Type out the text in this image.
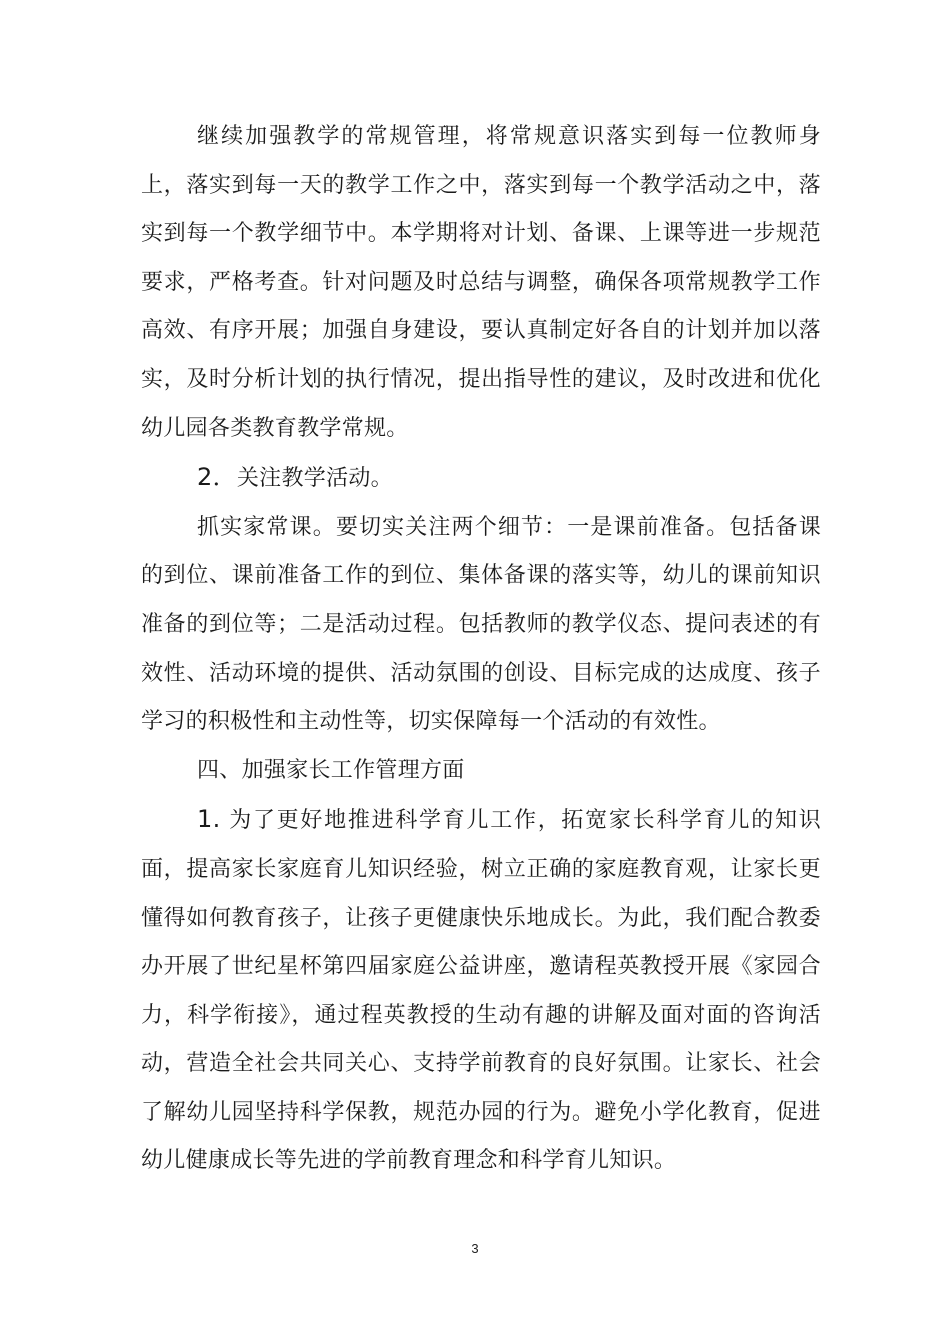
继续加强教学的常规管理，将常规意识落实到每一位教师身上，落实到每一天的教学工作之中，落实到每一个教学活动之中，落实到每一个教学细节中。本学期将对计划、备课、上课等进一步规范要求，严格考查。针对问题及时总结与调整，确保各项常规教学工作高效、有序开展；加强自身建设，要认真制定好各自的计划并加以落实，及时分析计划的执行情况，提出指导性的建议，及时改进和优化幼儿园各类教育教学常规。

2．关注教学活动。

抓实家常课。要切实关注两个细节：一是课前准备。包括备课的到位、课前准备工作的到位、集体备课的落实等，幼儿的课前知识准备的到位等；二是活动过程。包括教师的教学仪态、提问表述的有效性、活动环境的提供、活动氛围的创设、目标完成的达成度、孩子学习的积极性和主动性等，切实保障每一个活动的有效性。

四、加强家长工作管理方面

1. 为了更好地推进科学育儿工作，拓宽家长科学育儿的知识面，提高家长家庭育儿知识经验，树立正确的家庭教育观，让家长更懂得如何教育孩子，让孩子更健康快乐地成长。为此，我们配合教委办开展了世纪星杯第四届家庭公益讲座，邀请程英教授开展《家园合力，科学衔接》，通过程英教授的生动有趣的讲解及面对面的咨询活动，营造全社会共同关心、支持学前教育的良好氛围。让家长、社会了解幼儿园坚持科学保教，规范办园的行为。避免小学化教育，促进幼儿健康成长等先进的学前教育理念和科学育儿知识。

3
